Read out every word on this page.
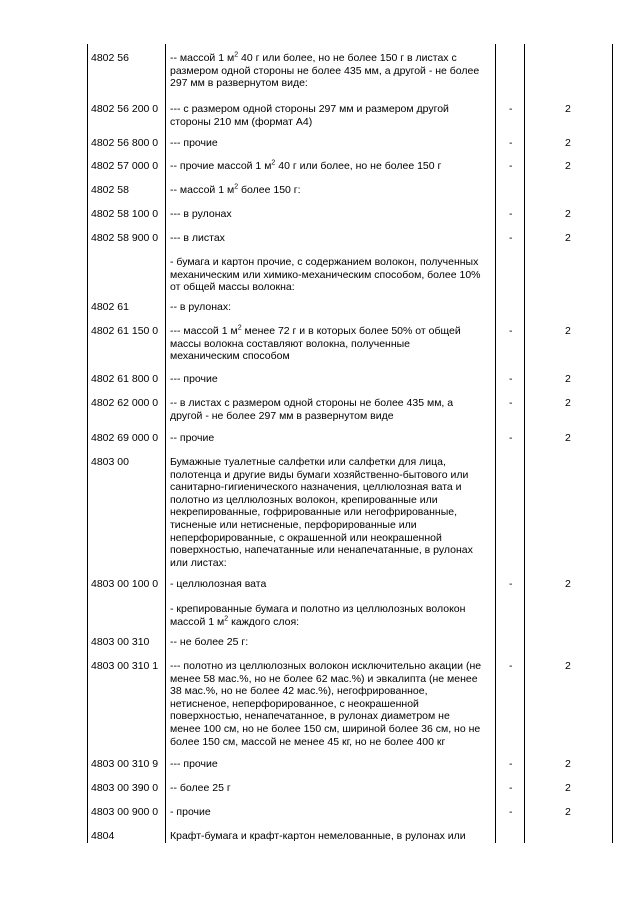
4802 56	-- массой 1 $м^2$ 40 г или более, но не более 150 г в листах с
размером одной стороны не более 435 мм, а другой - не более
297 мм в развернутом виде:
4802 56 200 0 --- с размером одной стороны 297 мм и размером другой
стороны 210 мм (формат А4)
-	2
4802 56 800 0 --- прочие	-	2
4802 57 000 0 -- прочие массой 1 $м^2$ 40 г или более, но не более 150 г	-	2
4802 58	-- массой 1 $м^2$ более 150 г:
4802 58 100 0 --- в рулонах	-	2
4802 58 900 0 --- в листах	-	2
- бумага и картон прочие, с содержанием волокон, полученных
механическим или химико-механическим способом, более 10%
от общей массы волокна:
4802 61	-- в рулонах:
4802 61 150 0 --- массой 1 $м^2$ менее 72 г и в которых более 50% от общей
массы волокна составляют волокна, полученные
механическим способом
-	2
4802 61 800 0 --- прочие	-	2
4802 62 000 0 -- в листах с размером одной стороны не более 435 мм, а
другой - не более 297 мм в развернутом виде
-	2
4802 69 000 0 -- прочие	-	2
4803 00	Бумажные туалетные салфетки или салфетки для лица,
полотенца и другие виды бумаги хозяйственно-бытового или
санитарно-гигиенического назначения, целлюлозная вата и
полотно из целлюлозных волокон, крепированные или
некрепированные, гофрированные или негофрированные,
тисненые или нетисненые, перфорированные или
неперфорированные, с окрашенной или неокрашенной
поверхностью, напечатанные или ненапечатанные, в рулонах
или листах:
4803 00 100 0 - целлюлозная вата	-	2
- крепированные бумага и полотно из целлюлозных волокон
массой 1 $м^2$ каждого слоя:
4803 00 310 -- не более 25 г:
4803 00 310 1 --- полотно из целлюлозных волокон исключительно акации (не
менее 58 мас.%, но не более 62 мас.%) и эвкалипта (не менее
38 мас.%, но не более 42 мас.%), негофрированное,
нетисненое, неперфорированное, с неокрашенной
поверхностью, ненапечатанное, в рулонах диаметром не
менее 100 см, но не более 150 см, шириной более 36 см, но не
более 150 см, массой не менее 45 кг, но не более 400 кг
-	2
4803 00 310 9 --- прочие	-	2
4803 00 390 0 -- более 25 г	-	2
4803 00 900 0 - прочие	-	2
4804	Крафт-бумага и крафт-картон немелованные, в рулонах или
